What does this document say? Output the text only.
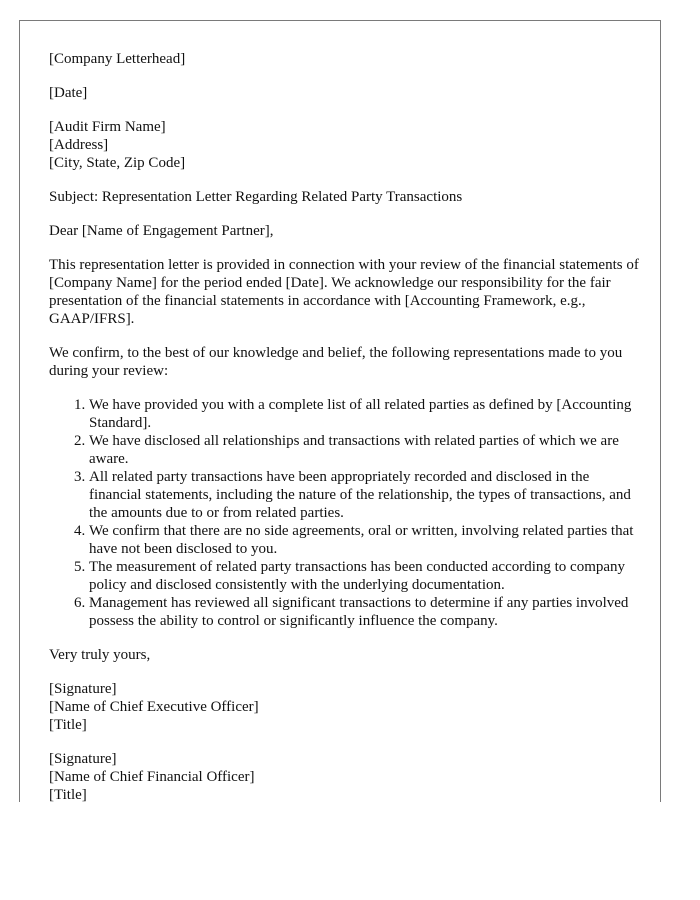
[Company Letterhead]

[Date]

[Audit Firm Name]
[Address]
[City, State, Zip Code]

Subject: Representation Letter Regarding Related Party Transactions

Dear [Name of Engagement Partner],

This representation letter is provided in connection with your review of the financial statements of [Company Name] for the period ended [Date]. We acknowledge our responsibility for the fair presentation of the financial statements in accordance with [Accounting Framework, e.g., GAAP/IFRS].

We confirm, to the best of our knowledge and belief, the following representations made to you during your review:

1. We have provided you with a complete list of all related parties as defined by [Accounting Standard].
2. We have disclosed all relationships and transactions with related parties of which we are aware.
3. All related party transactions have been appropriately recorded and disclosed in the financial statements, including the nature of the relationship, the types of transactions, and the amounts due to or from related parties.
4. We confirm that there are no side agreements, oral or written, involving related parties that have not been disclosed to you.
5. The measurement of related party transactions has been conducted according to company policy and disclosed consistently with the underlying documentation.
6. Management has reviewed all significant transactions to determine if any parties involved possess the ability to control or significantly influence the company.

Very truly yours,

[Signature]
[Name of Chief Executive Officer]
[Title]

[Signature]
[Name of Chief Financial Officer]
[Title]
